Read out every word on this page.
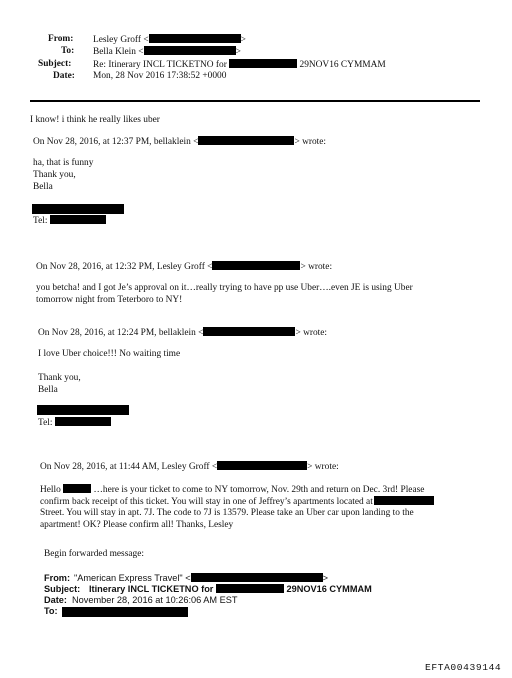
From: Lesley Groff <	>
To: Bella Klein <	>
Subject: Re: Itinerary INCL TICKETNO for	29NOV16 CYMMAM
Date: Mon, 28 Nov 2016 17:38:52 +0000
I know! i think he really likes uber
On Nov 28, 2016, at 12:37 PM, bellaklein <	> wrote:
ha, that is funny
Thank you,
Bella
Tel:
On Nov 28, 2016, at 12:32 PM, Lesley Groff <	> wrote:
you betcha! and I got Je’s approval on it…really trying to have pp use Uber….even JE is using Uber
tomorrow night from Teterboro to NY!
On Nov 28, 2016, at 12:24 PM, bellaklein <	> wrote:
I love Uber choice!!! No waiting time
Thank you,
Bella
Tel:
On Nov 28, 2016, at 11:44 AM, Lesley Groff <	> wrote:
Hello	…here is your ticket to come to NY tomorrow, Nov. 29th and return on Dec. 3rd! Please
confirm back receipt of this ticket. You will stay in one of Jeffrey’s apartments located at
Street. You will stay in apt. 7J. The code to 7J is 13579. Please take an Uber car upon landing to the
apartment! OK? Please confirm all! Thanks, Lesley
Begin forwarded message:
From: "American Express Travel" <	>
Subject: Itinerary INCL TICKETNO for	29NOV16 CYMMAM
Date: November 28, 2016 at 10:26:06 AM EST
To:
EFTA00439144
